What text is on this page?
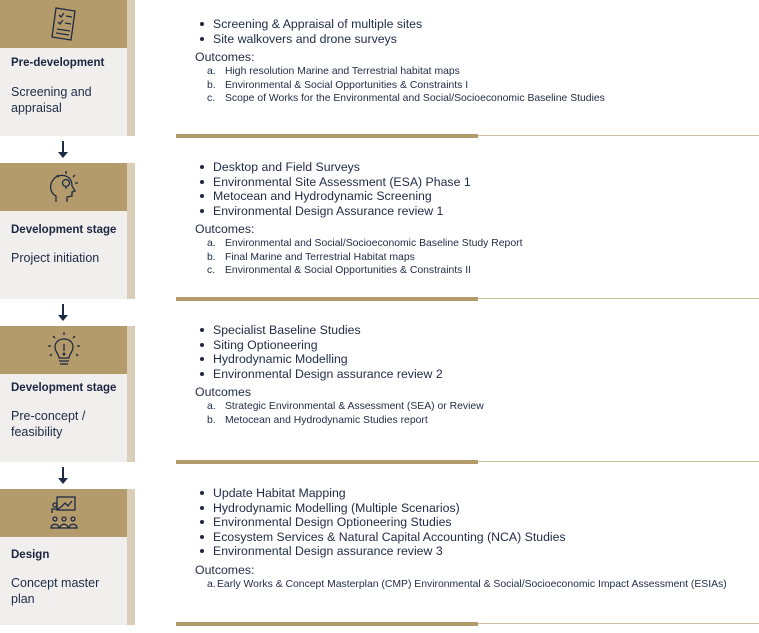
Pre-development
Screening and appraisal
Screening & Appraisal of multiple sites
Site walkovers and drone surveys
Outcomes:
a. High resolution Marine and Terrestrial habitat maps
b. Environmental & Social Opportunities & Constraints I
c. Scope of Works for the Environmental and Social/Socioeconomic Baseline Studies
Development stage
Project initiation
Desktop and Field Surveys
Environmental Site Assessment (ESA) Phase 1
Metocean and Hydrodynamic Screening
Environmental Design Assurance review 1
Outcomes:
a. Environmental and Social/Socioeconomic Baseline Study Report
b. Final Marine and Terrestrial Habitat maps
c. Environmental & Social Opportunities & Constraints II
Development stage
Pre-concept / feasibility
Specialist Baseline Studies
Siting Optioneering
Hydrodynamic Modelling
Environmental Design assurance review 2
Outcomes
a. Strategic Environmental & Assessment (SEA) or Review
b. Metocean and Hydrodynamic Studies report
Design
Concept master plan
Update Habitat Mapping
Hydrodynamic Modelling (Multiple Scenarios)
Environmental Design Optioneering Studies
Ecosystem Services & Natural Capital Accounting (NCA) Studies
Environmental Design assurance review 3
Outcomes:
a. Early Works & Concept Masterplan (CMP) Environmental & Social/Socioeconomic Impact Assessment (ESIAs)
